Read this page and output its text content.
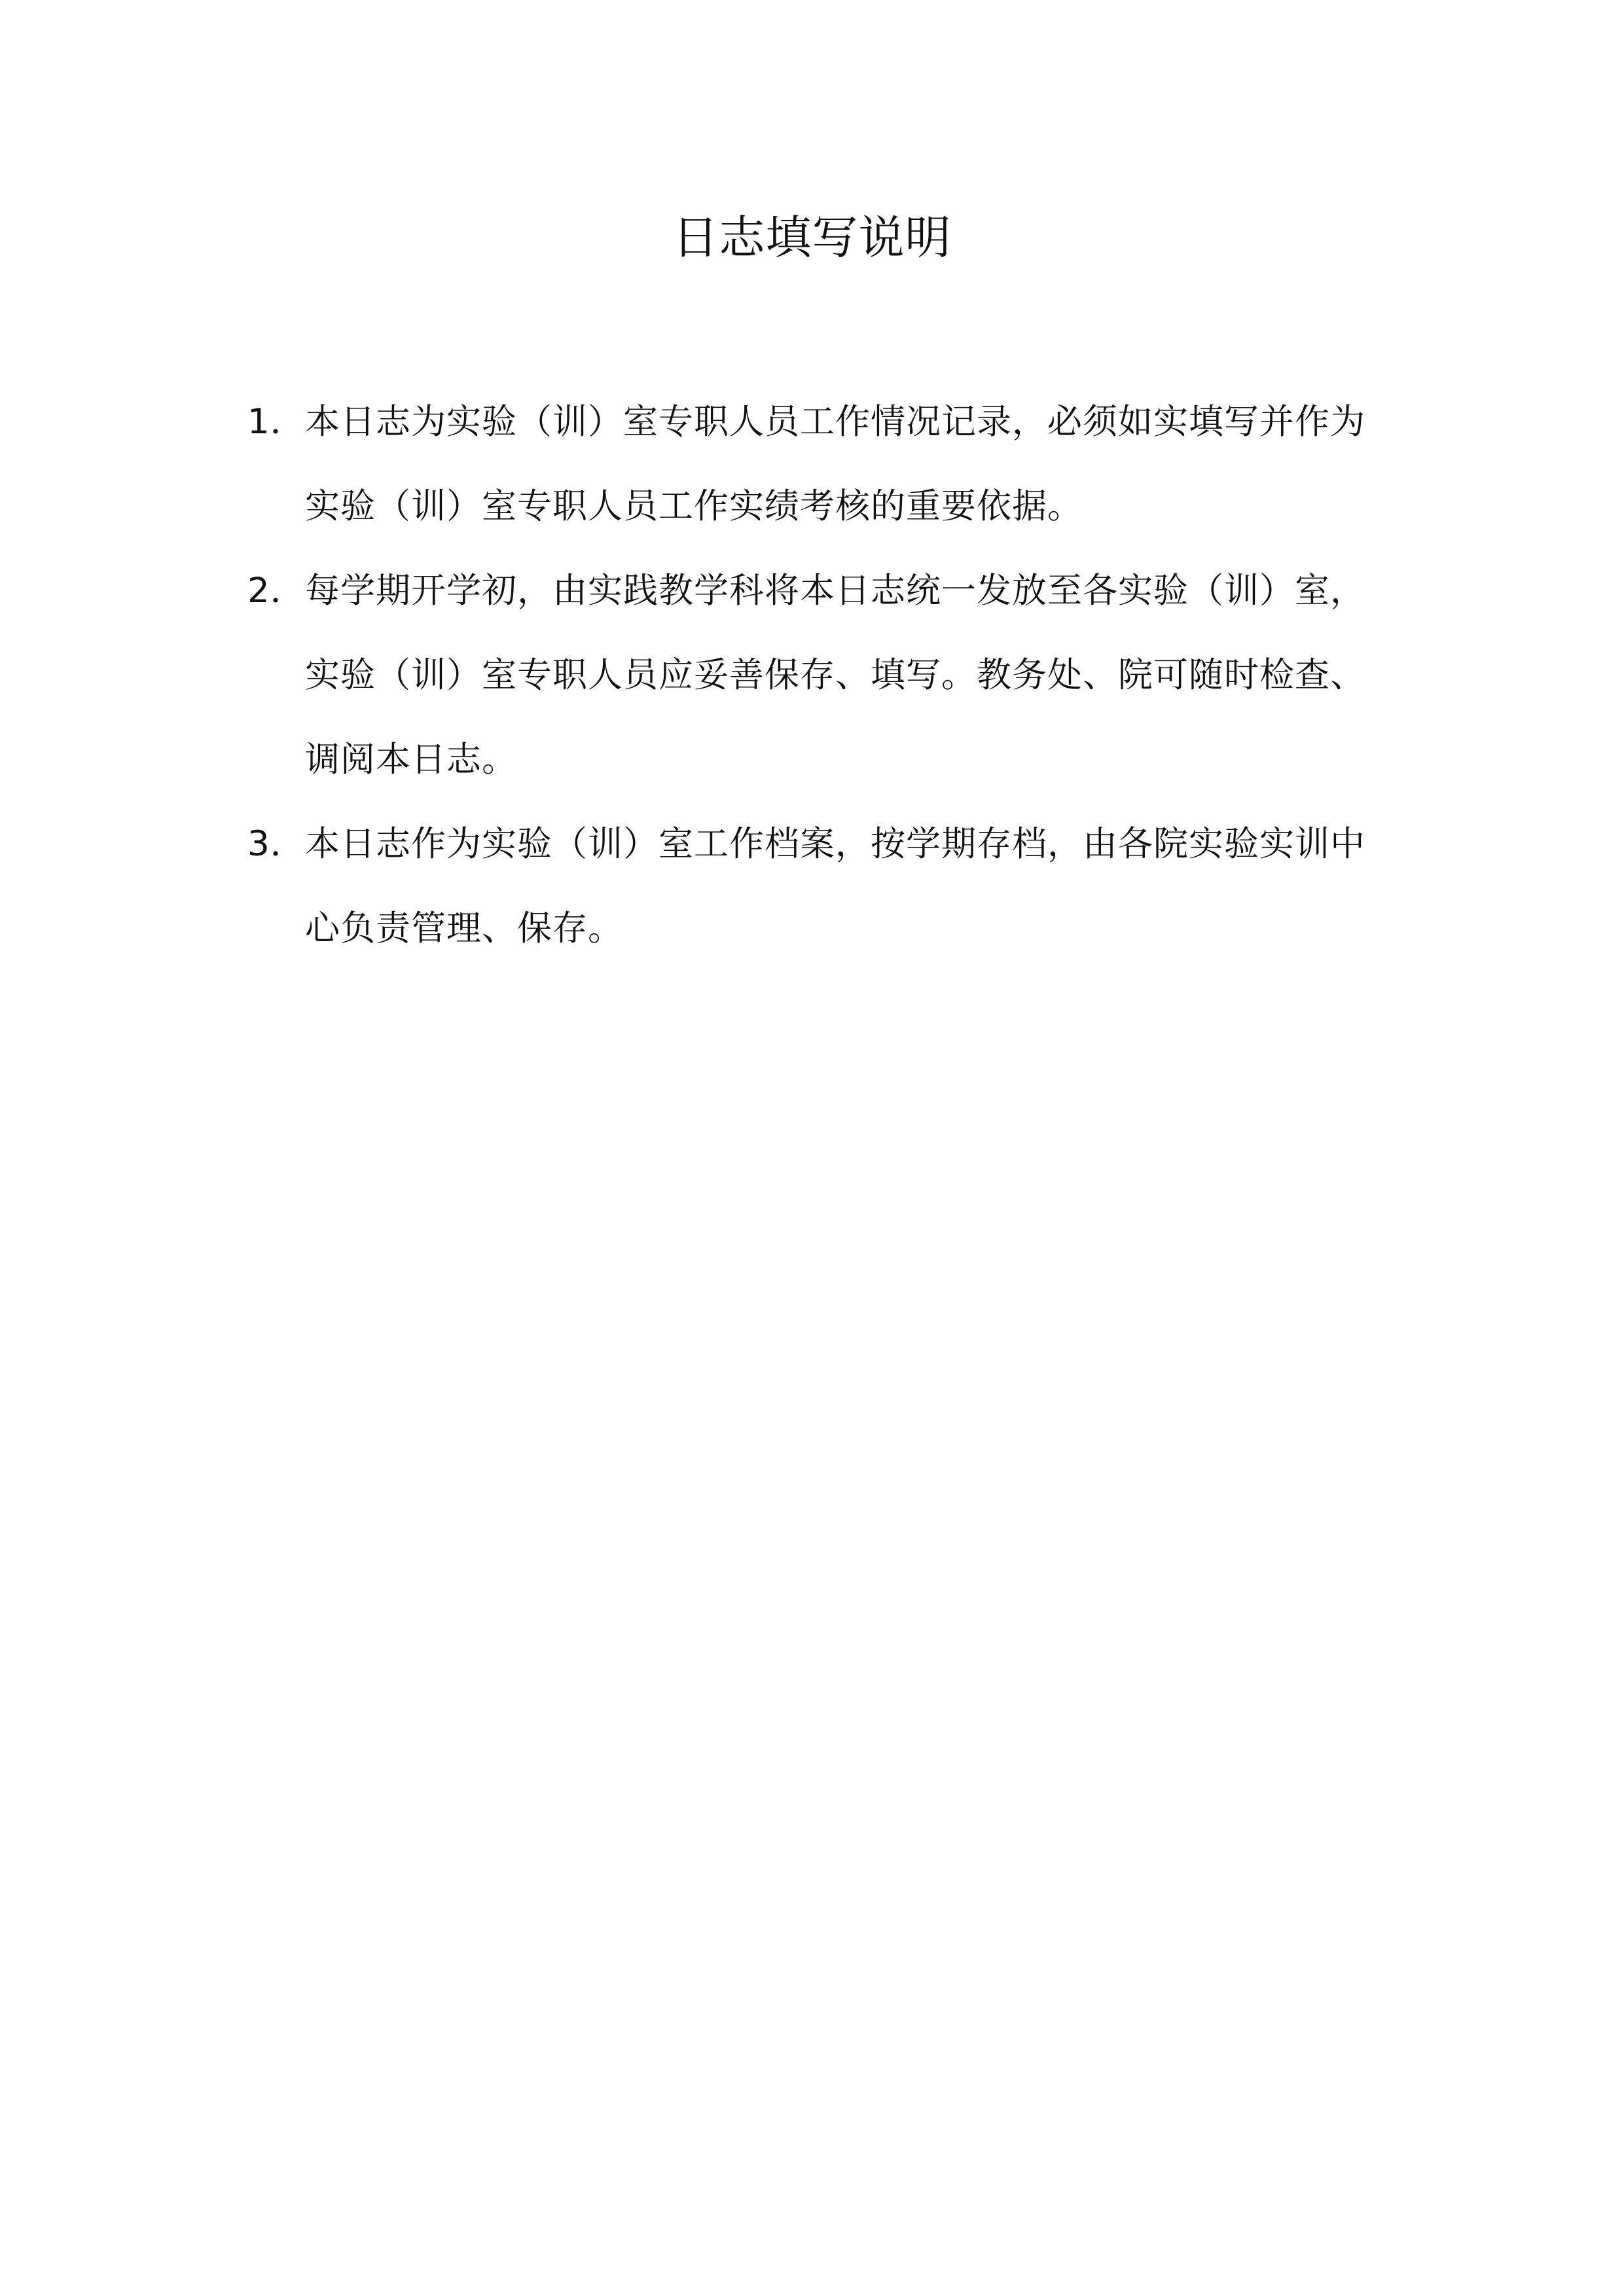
日志填写说明
1． 本日志为实验（训）室专职人员工作情况记录，必须如实填写并作为实验（训）室专职人员工作实绩考核的重要依据。
2． 每学期开学初，由实践教学科将本日志统一发放至各实验（训）室，实验（训）室专职人员应妥善保存、填写。教务处、院可随时检查、调阅本日志。
3． 本日志作为实验（训）室工作档案，按学期存档，由各院实验实训中心负责管理、保存。
